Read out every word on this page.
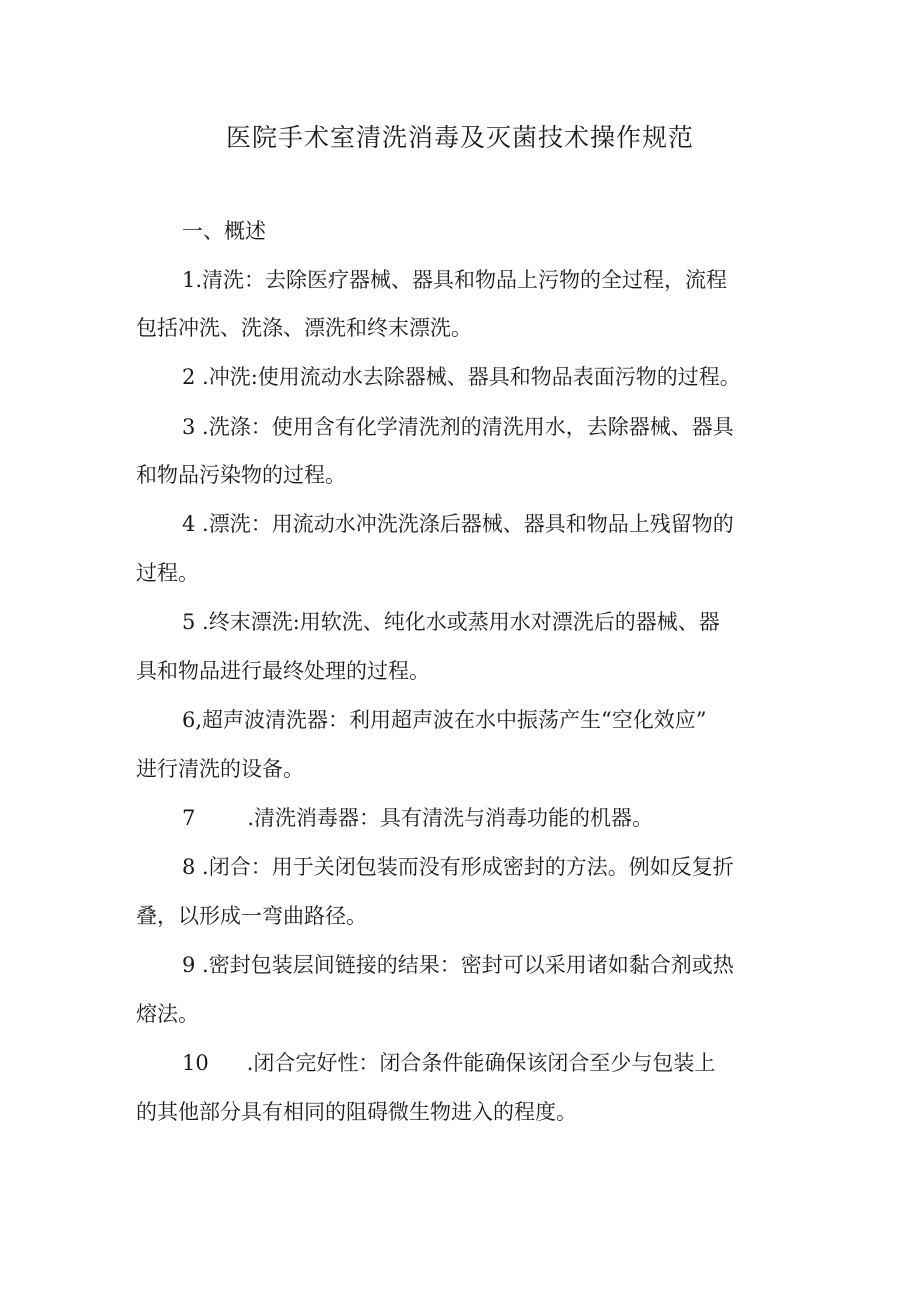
医院手术室清洗消毒及灭菌技术操作规范
一、概述
1.清洗：去除医疗器械、器具和物品上污物的全过程，流程
包括冲洗、洗涤、漂洗和终末漂洗。
2 .冲洗:使用流动水去除器械、器具和物品表面污物的过程。
3 .洗涤：使用含有化学清洗剂的清洗用水，去除器械、器具
和物品污染物的过程。
4 .漂洗：用流动水冲洗洗涤后器械、器具和物品上残留物的
过程。
5 .终末漂洗:用软洗、纯化水或蒸用水对漂洗后的器械、器
具和物品进行最终处理的过程。
6,超声波清洗器：利用超声波在水中振荡产生“空化效应”
进行清洗的设备。
7 .清洗消毒器：具有清洗与消毒功能的机器。
8 .闭合：用于关闭包装而没有形成密封的方法。例如反复折
叠，以形成一弯曲路径。
9 .密封包装层间链接的结果：密封可以采用诸如黏合剂或热
熔法。
10 .闭合完好性：闭合条件能确保该闭合至少与包装上
的其他部分具有相同的阻碍微生物进入的程度。
